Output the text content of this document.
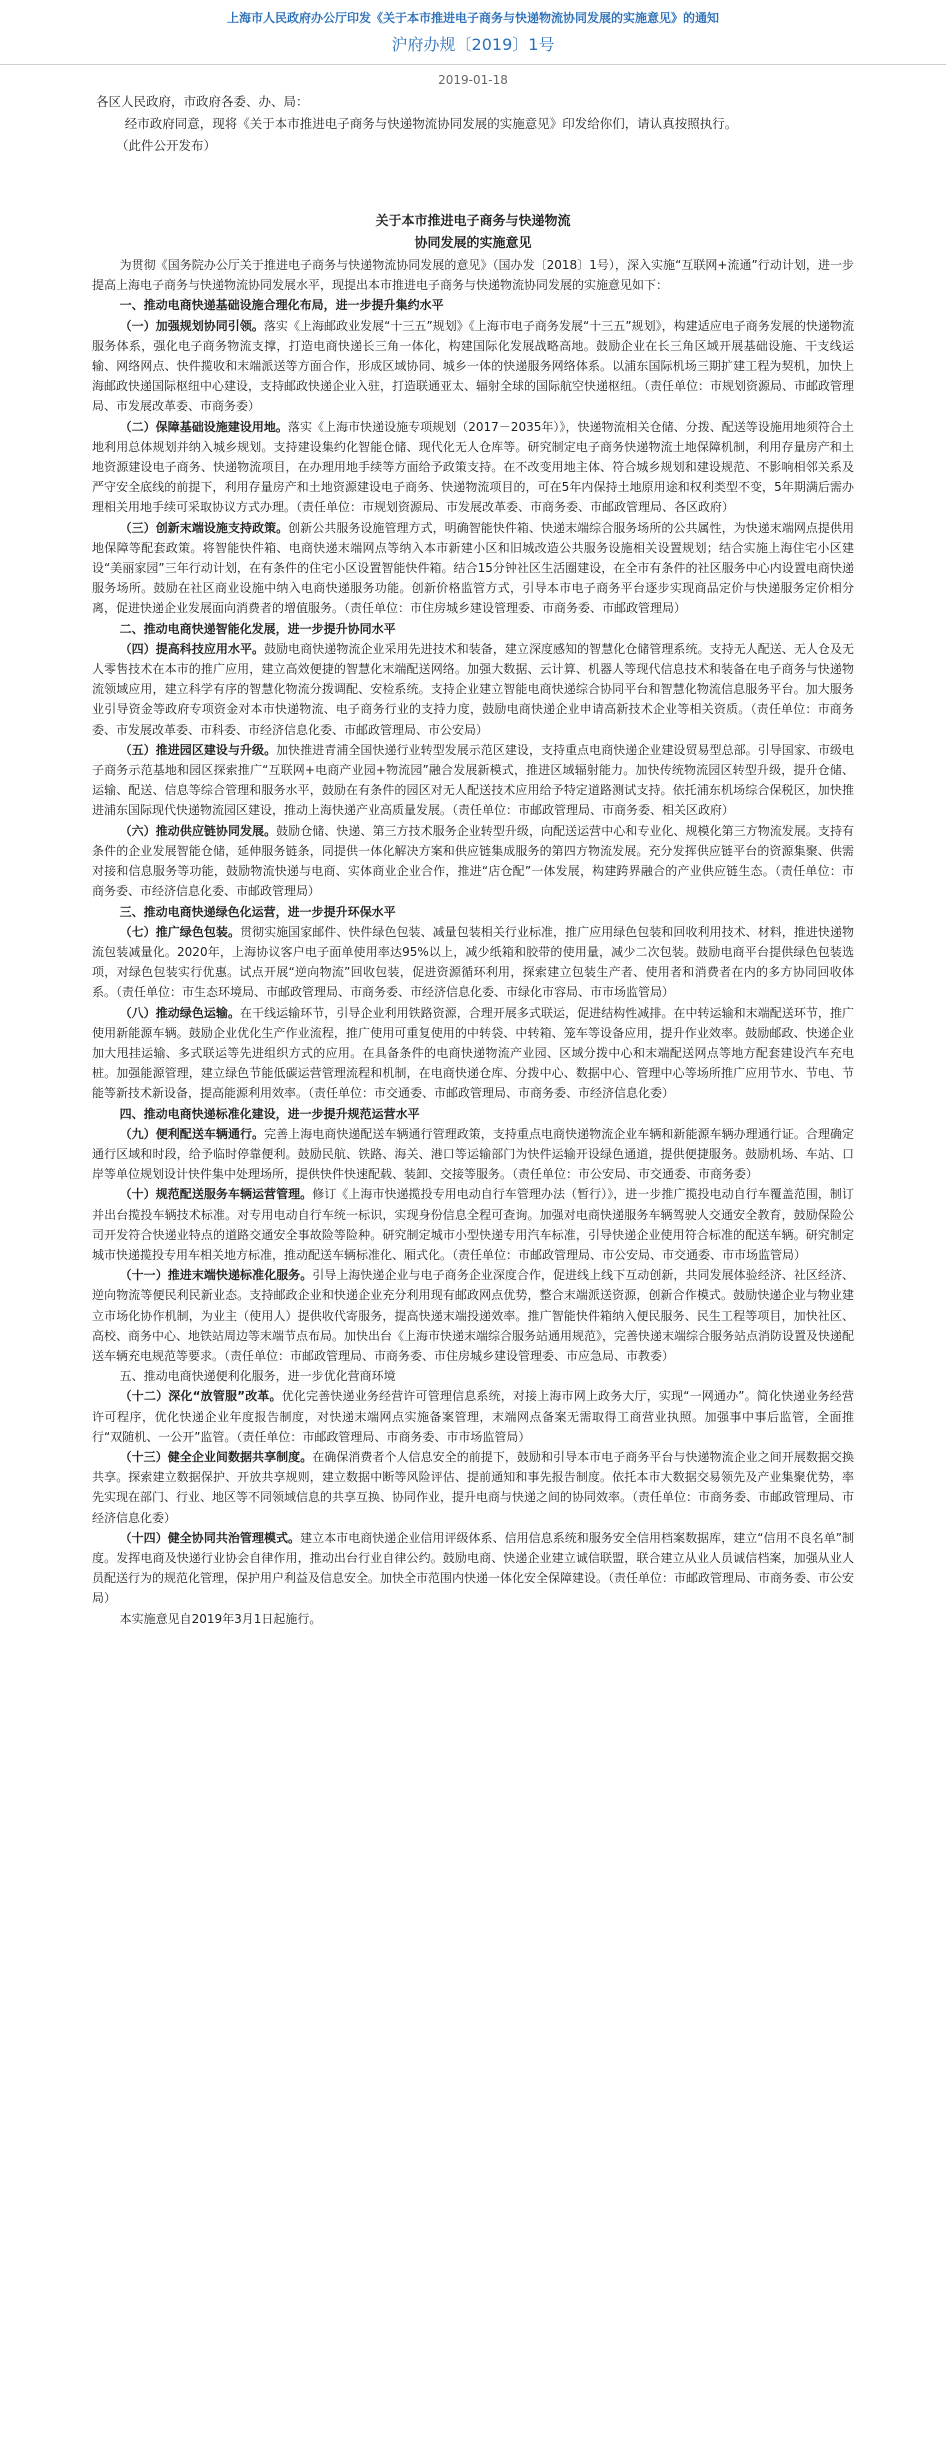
上海市人民政府办公厅印发《关于本市推进电子商务与快递物流协同发展的实施意见》的通知
沪府办规〔2019〕1号
2019-01-18

各区人民政府，市政府各委、办、局：

经市政府同意，现将《关于本市推进电子商务与快递物流协同发展的实施意见》印发给你们，请认真按照执行。

（此件公开发布）

关于本市推进电子商务与快递物流
协同发展的实施意见

为贯彻《国务院办公厅关于推进电子商务与快递物流协同发展的意见》（国办发〔2018〕1号），深入实施“互联网+流通”行动计划，进一步提高上海电子商务与快递物流协同发展水平，现提出本市推进电子商务与快递物流协同发展的实施意见如下：

一、推动电商快递基础设施合理化布局，进一步提升集约水平

（一）加强规划协同引领。落实《上海邮政业发展“十三五”规划》《上海市电子商务发展“十三五”规划》，构建适应电子商务发展的快递物流服务体系，强化电子商务物流支撑，打造电商快递长三角一体化，构建国际化发展战略高地。鼓励企业在长三角区域开展基础设施、干支线运输、网络网点、快件揽收和末端派送等方面合作，形成区域协同、城乡一体的快递服务网络体系。以浦东国际机场三期扩建工程为契机，加快上海邮政快递国际枢纽中心建设，支持邮政快递企业入驻，打造联通亚太、辐射全球的国际航空快递枢纽。（责任单位：市规划资源局、市邮政管理局、市发展改革委、市商务委）

（二）保障基础设施建设用地。落实《上海市快递设施专项规划（2017－2035年）》，快递物流相关仓储、分拨、配送等设施用地须符合土地利用总体规划并纳入城乡规划。支持建设集约化智能仓储、现代化无人仓库等。研究制定电子商务快递物流土地保障机制，利用存量房产和土地资源建设电子商务、快递物流项目，在办理用地手续等方面给予政策支持。在不改变用地主体、符合城乡规划和建设规范、不影响相邻关系及严守安全底线的前提下，利用存量房产和土地资源建设电子商务、快递物流项目的，可在5年内保持土地原用途和权利类型不变，5年期满后需办理相关用地手续可采取协议方式办理。（责任单位：市规划资源局、市发展改革委、市商务委、市邮政管理局、各区政府）

（三）创新末端设施支持政策。创新公共服务设施管理方式，明确智能快件箱、快递末端综合服务场所的公共属性，为快递末端网点提供用地保障等配套政策。将智能快件箱、电商快递末端网点等纳入本市新建小区和旧城改造公共服务设施相关设置规划；结合实施上海住宅小区建设“美丽家园”三年行动计划，在有条件的住宅小区设置智能快件箱。结合15分钟社区生活圈建设，在全市有条件的社区服务中心内设置电商快递服务场所。鼓励在社区商业设施中纳入电商快递服务功能。创新价格监管方式，引导本市电子商务平台逐步实现商品定价与快递服务定价相分离，促进快递企业发展面向消费者的增值服务。（责任单位：市住房城乡建设管理委、市商务委、市邮政管理局）

二、推动电商快递智能化发展，进一步提升协同水平

（四）提高科技应用水平。鼓励电商快递物流企业采用先进技术和装备，建立深度感知的智慧化仓储管理系统。支持无人配送、无人仓及无人零售技术在本市的推广应用，建立高效便捷的智慧化末端配送网络。加强大数据、云计算、机器人等现代信息技术和装备在电子商务与快递物流领域应用，建立科学有序的智慧化物流分拨调配、安检系统。支持企业建立智能电商快递综合协同平台和智慧化物流信息服务平台。加大服务业引导资金等政府专项资金对本市快递物流、电子商务行业的支持力度，鼓励电商快递企业申请高新技术企业等相关资质。（责任单位：市商务委、市发展改革委、市科委、市经济信息化委、市邮政管理局、市公安局）

（五）推进园区建设与升级。加快推进青浦全国快递行业转型发展示范区建设，支持重点电商快递企业建设贸易型总部。引导国家、市级电子商务示范基地和园区探索推广“互联网+电商产业园+物流园”融合发展新模式，推进区域辐射能力。加快传统物流园区转型升级，提升仓储、运输、配送、信息等综合管理和服务水平，鼓励在有条件的园区对无人配送技术应用给予特定道路测试支持。依托浦东机场综合保税区，加快推进浦东国际现代快递物流园区建设，推动上海快递产业高质量发展。（责任单位：市邮政管理局、市商务委、相关区政府）

（六）推动供应链协同发展。鼓励仓储、快递、第三方技术服务企业转型升级，向配送运营中心和专业化、规模化第三方物流发展。支持有条件的企业发展智能仓储，延伸服务链条，同提供一体化解决方案和供应链集成服务的第四方物流发展。充分发挥供应链平台的资源集聚、供需对接和信息服务等功能，鼓励物流快递与电商、实体商业企业合作，推进“店仓配”一体发展，构建跨界融合的产业供应链生态。（责任单位：市商务委、市经济信息化委、市邮政管理局）

三、推动电商快递绿色化运营，进一步提升环保水平

（七）推广绿色包装。贯彻实施国家邮件、快件绿色包装、减量包装相关行业标准，推广应用绿色包装和回收利用技术、材料，推进快递物流包装减量化。2020年，上海协议客户电子面单使用率达95%以上，减少纸箱和胶带的使用量，减少二次包装。鼓励电商平台提供绿色包装选项，对绿色包装实行优惠。试点开展“逆向物流”回收包装，促进资源循环利用，探索建立包装生产者、使用者和消费者在内的多方协同回收体系。（责任单位：市生态环境局、市邮政管理局、市商务委、市经济信息化委、市绿化市容局、市市场监管局）

（八）推动绿色运输。在干线运输环节，引导企业利用铁路资源，合理开展多式联运，促进结构性减排。在中转运输和末端配送环节，推广使用新能源车辆。鼓励企业优化生产作业流程，推广使用可重复使用的中转袋、中转箱、笼车等设备应用，提升作业效率。鼓励邮政、快递企业加大甩挂运输、多式联运等先进组织方式的应用。在具备条件的电商快递物流产业园、区域分拨中心和末端配送网点等地方配套建设汽车充电桩。加强能源管理，建立绿色节能低碳运营管理流程和机制，在电商快递仓库、分拨中心、数据中心、管理中心等场所推广应用节水、节电、节能等新技术新设备，提高能源利用效率。（责任单位：市交通委、市邮政管理局、市商务委、市经济信息化委）

四、推动电商快递标准化建设，进一步提升规范运营水平

（九）便利配送车辆通行。完善上海电商快递配送车辆通行管理政策，支持重点电商快递物流企业车辆和新能源车辆办理通行证。合理确定通行区域和时段，给予临时停靠便利。鼓励民航、铁路、海关、港口等运输部门为快件运输开设绿色通道，提供便捷服务。鼓励机场、车站、口岸等单位规划设计快件集中处理场所，提供快件快速配载、装卸、交接等服务。（责任单位：市公安局、市交通委、市商务委）

（十）规范配送服务车辆运营管理。修订《上海市快递揽投专用电动自行车管理办法（暂行）》，进一步推广揽投电动自行车覆盖范围，制订并出台揽投车辆技术标准。对专用电动自行车统一标识，实现身份信息全程可查询。加强对电商快递服务车辆驾驶人交通安全教育，鼓励保险公司开发符合快递业特点的道路交通安全事故险等险种。研究制定城市小型快递专用汽车标准，引导快递企业使用符合标准的配送车辆。研究制定城市快递揽投专用车相关地方标准，推动配送车辆标准化、厢式化。（责任单位：市邮政管理局、市公安局、市交通委、市市场监管局）

（十一）推进末端快递标准化服务。引导上海快递企业与电子商务企业深度合作，促进线上线下互动创新，共同发展体验经济、社区经济、逆向物流等便民利民新业态。支持邮政企业和快递企业充分利用现有邮政网点优势，整合末端派送资源，创新合作模式。鼓励快递企业与物业建立市场化协作机制，为业主（使用人）提供收代寄服务，提高快递末端投递效率。推广智能快件箱纳入便民服务、民生工程等项目，加快社区、高校、商务中心、地铁站周边等末端节点布局。加快出台《上海市快递末端综合服务站通用规范》，完善快递末端综合服务站点消防设置及快递配送车辆充电规范等要求。（责任单位：市邮政管理局、市商务委、市住房城乡建设管理委、市应急局、市教委）

五、推动电商快递便利化服务，进一步优化营商环境

（十二）深化“放管服”改革。优化完善快递业务经营许可管理信息系统，对接上海市网上政务大厅，实现“一网通办”。简化快递业务经营许可程序，优化快递企业年度报告制度，对快递末端网点实施备案管理，末端网点备案无需取得工商营业执照。加强事中事后监管，全面推行“双随机、一公开”监管。（责任单位：市邮政管理局、市商务委、市市场监管局）

（十三）健全企业间数据共享制度。在确保消费者个人信息安全的前提下，鼓励和引导本市电子商务平台与快递物流企业之间开展数据交换共享。探索建立数据保护、开放共享规则，建立数据中断等风险评估、提前通知和事先报告制度。依托本市大数据交易领先及产业集聚优势，率先实现在部门、行业、地区等不同领域信息的共享互换、协同作业，提升电商与快递之间的协同效率。（责任单位：市商务委、市邮政管理局、市经济信息化委）

（十四）健全协同共治管理模式。建立本市电商快递企业信用评级体系、信用信息系统和服务安全信用档案数据库，建立“信用不良名单”制度。发挥电商及快递行业协会自律作用，推动出台行业自律公约。鼓励电商、快递企业建立诚信联盟，联合建立从业人员诚信档案，加强从业人员配送行为的规范化管理，保护用户利益及信息安全。加快全市范围内快递一体化安全保障建设。（责任单位：市邮政管理局、市商务委、市公安局）

本实施意见自2019年3月1日起施行。
